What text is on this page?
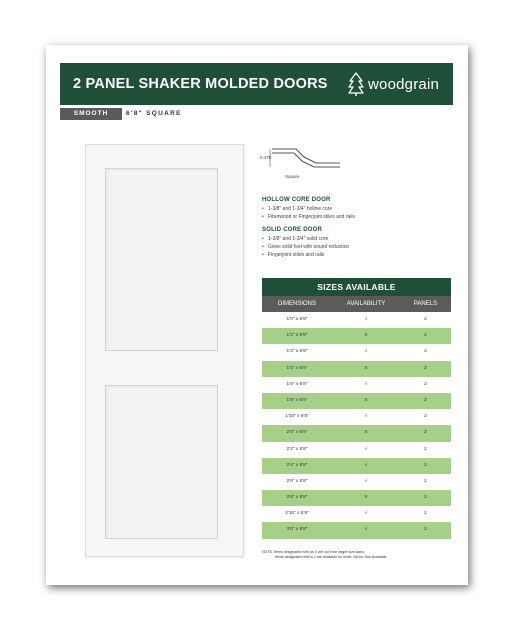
2 PANEL SHAKER MOLDED DOORS	woodgrain
SMOOTH	6'8" SQUARE
0.470
Square
HOLLOW CORE DOOR
• 1-3/8" and 1-3/4" hollow core
• Fiberwood or Fingerjoint stiles and rails
SOLID CORE DOOR
• 1-3/8" and 1-3/4" solid core
• Gives solid feel with sound reduction
• Fingerjoint stiles and rails
SIZES AVAILABLE
DIMENSIONS	AVAILABILITY	PANELS
1'0" x 6'8"	√	2
1'2" x 6'8"	X	2
1'3" x 6'8"	√	2
1'4" x 6'8"	X	2
1'6" x 6'8"	√	2
1'8" x 6'8"	X	2
1'10" x 6'8"	√	2
2'0" x 6'8"	X	2
2'2" x 6'8"	√	2
2'4" x 6'8"	√	2
2'6" x 6'8"	√	2
2'8" x 6'8"	X	2
2'10" x 6'8"	√	2
3'0" x 6'8"	√	2
NOTE: Items designated with an X are cut from larger size skins.
Items designated with a √ are available for order. NA for Non Available.
